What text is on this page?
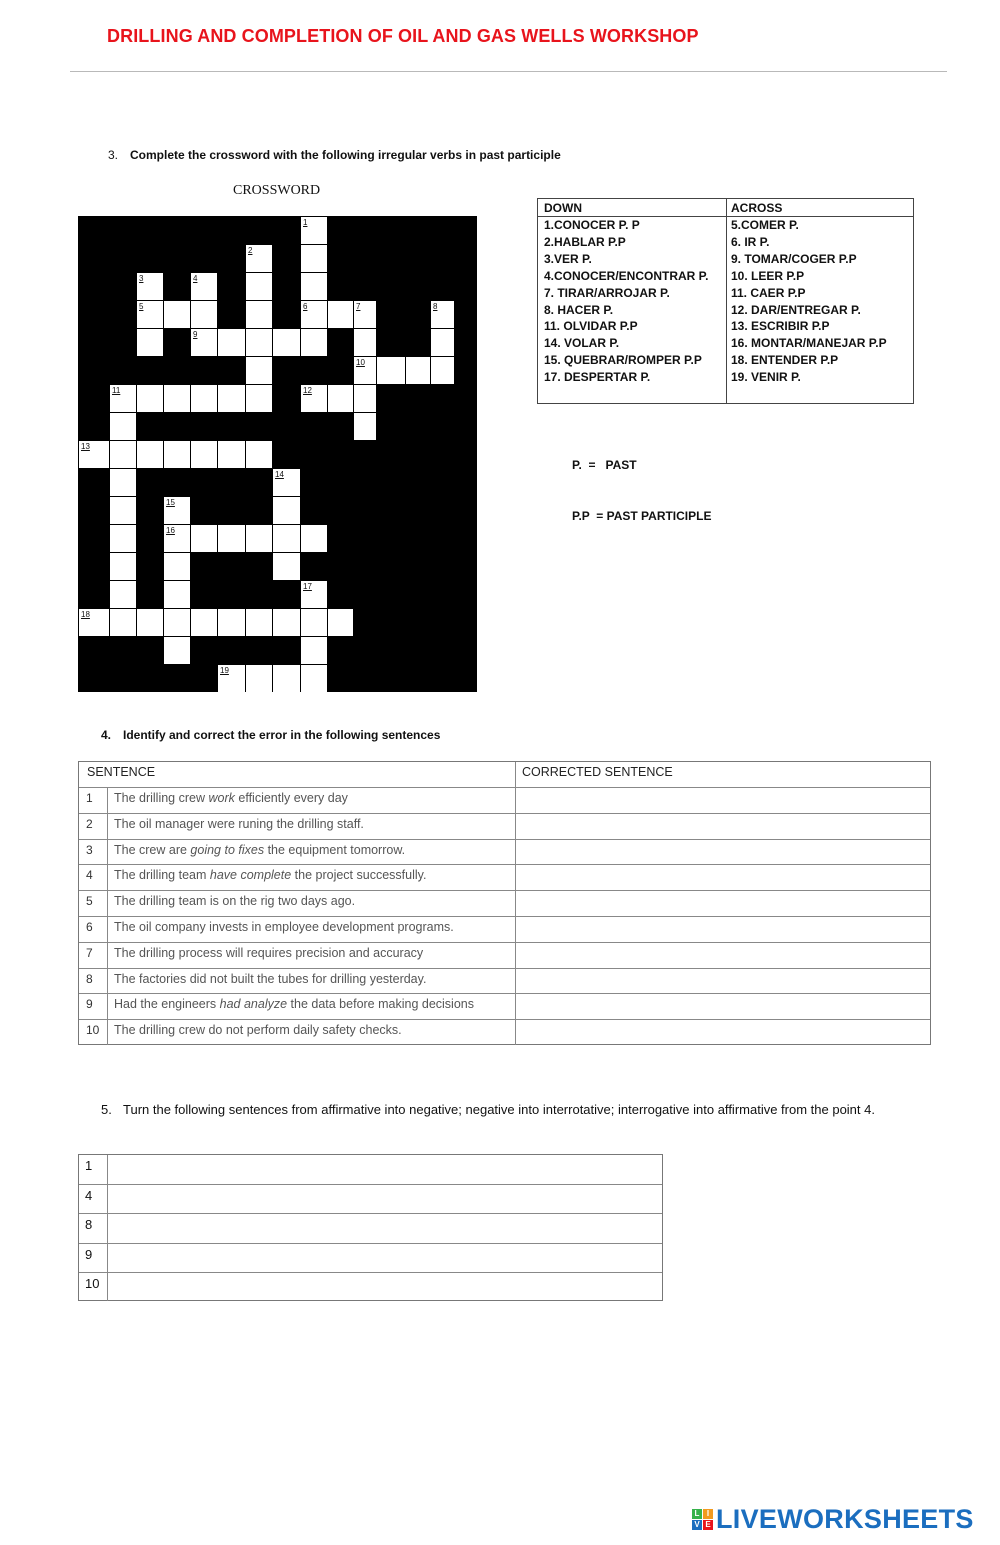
DRILLING AND COMPLETION OF OIL AND GAS WELLS WORKSHOP
3. Complete the crossword with the following irregular verbs in past participle
CROSSWORD
1
2
3	4
5	6	7	8
9
10
11	12
13
14
15
16
17
18
19
DOWN
1.CONOCER P. P
2.HABLAR P.P
3.VER P.
4.CONOCER/ENCONTRAR P.
7. TIRAR/ARROJAR P.
8. HACER P.
11. OLVIDAR P.P
14. VOLAR P.
15. QUEBRAR/ROMPER P.P
17. DESPERTAR P.
ACROSS
5.COMER P.
6. IR P.
9. TOMAR/COGER P.P
10. LEER P.P
11. CAER P.P
12. DAR/ENTREGAR P.
13. ESCRIBIR P.P
16. MONTAR/MANEJAR P.P
18. ENTENDER P.P
19. VENIR P.

P.  =   PAST

P.P  = PAST PARTICIPLE

4. Identify and correct the error in the following sentences
SENTENCE	CORRECTED SENTENCE
1	The drilling crew work efficiently every day
2	The oil manager were runing the drilling staff.
3	The crew are going to fixes the equipment tomorrow.
4	The drilling team have complete the project successfully.
5	The drilling team is on the rig two days ago.
6	The oil company invests in employee development programs.
7	The drilling process will requires precision and accuracy
8	The factories did not built the tubes for drilling yesterday.
9	Had the engineers had analyze the data before making decisions
10	The drilling crew do not perform daily safety checks.
5. Turn the following sentences from affirmative into negative; negative into interrotative; interrogative into affirmative from the point 4.
1
4
8
9
10
L I
V E LIVEWORKSHEETS
